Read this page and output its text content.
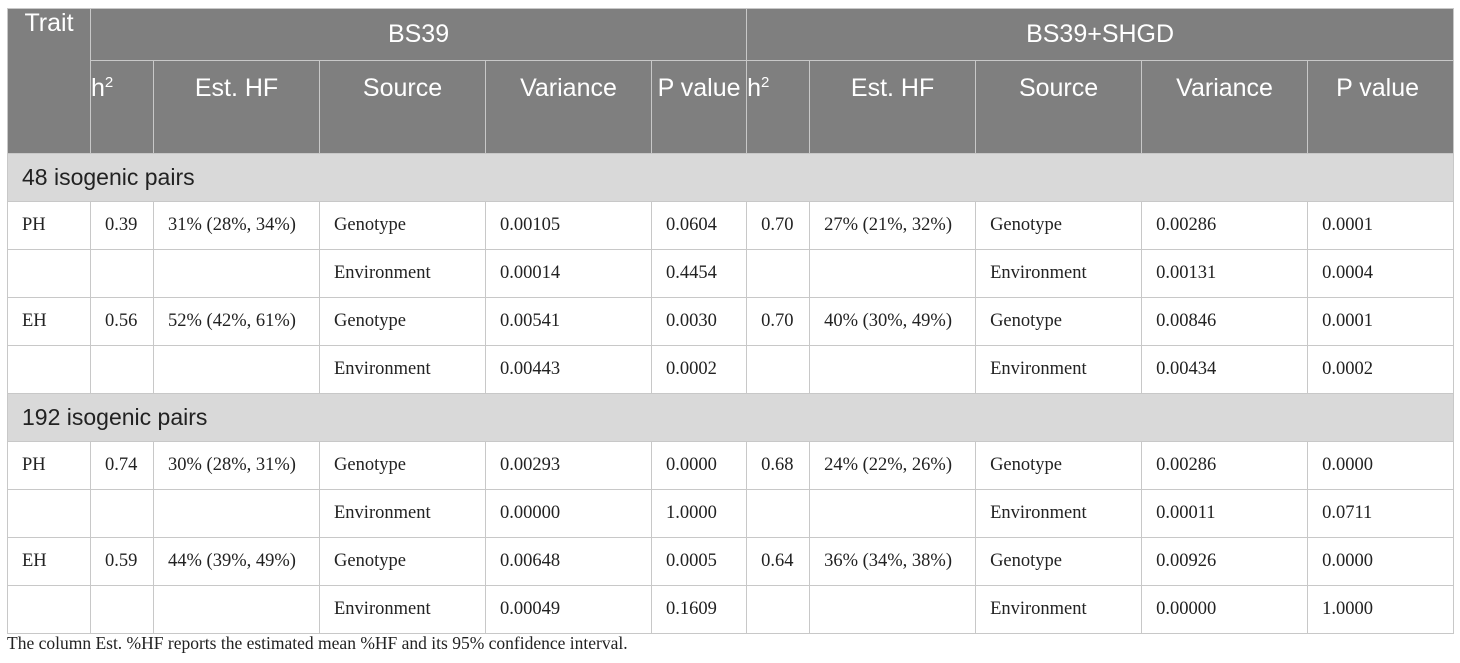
Trait	BS39					BS39+SHGD				
	$h^2$	Est. HF	Source	Variance	P value	$h^2$	Est. HF	Source	Variance	P value
48 isogenic pairs										
PH	0.39	31% (28%, 34%)	Genotype	0.00105	0.0604	0.70	27% (21%, 32%)	Genotype	0.00286	0.0001
			Environment	0.00014	0.4454			Environment	0.00131	0.0004
EH	0.56	52% (42%, 61%)	Genotype	0.00541	0.0030	0.70	40% (30%, 49%)	Genotype	0.00846	0.0001
			Environment	0.00443	0.0002			Environment	0.00434	0.0002
192 isogenic pairs										
PH	0.74	30% (28%, 31%)	Genotype	0.00293	0.0000	0.68	24% (22%, 26%)	Genotype	0.00286	0.0000
			Environment	0.00000	1.0000			Environment	0.00011	0.0711
EH	0.59	44% (39%, 49%)	Genotype	0.00648	0.0005	0.64	36% (34%, 38%)	Genotype	0.00926	0.0000
			Environment	0.00049	0.1609			Environment	0.00000	1.0000
The column Est. %HF reports the estimated mean %HF and its 95% confidence interval.
